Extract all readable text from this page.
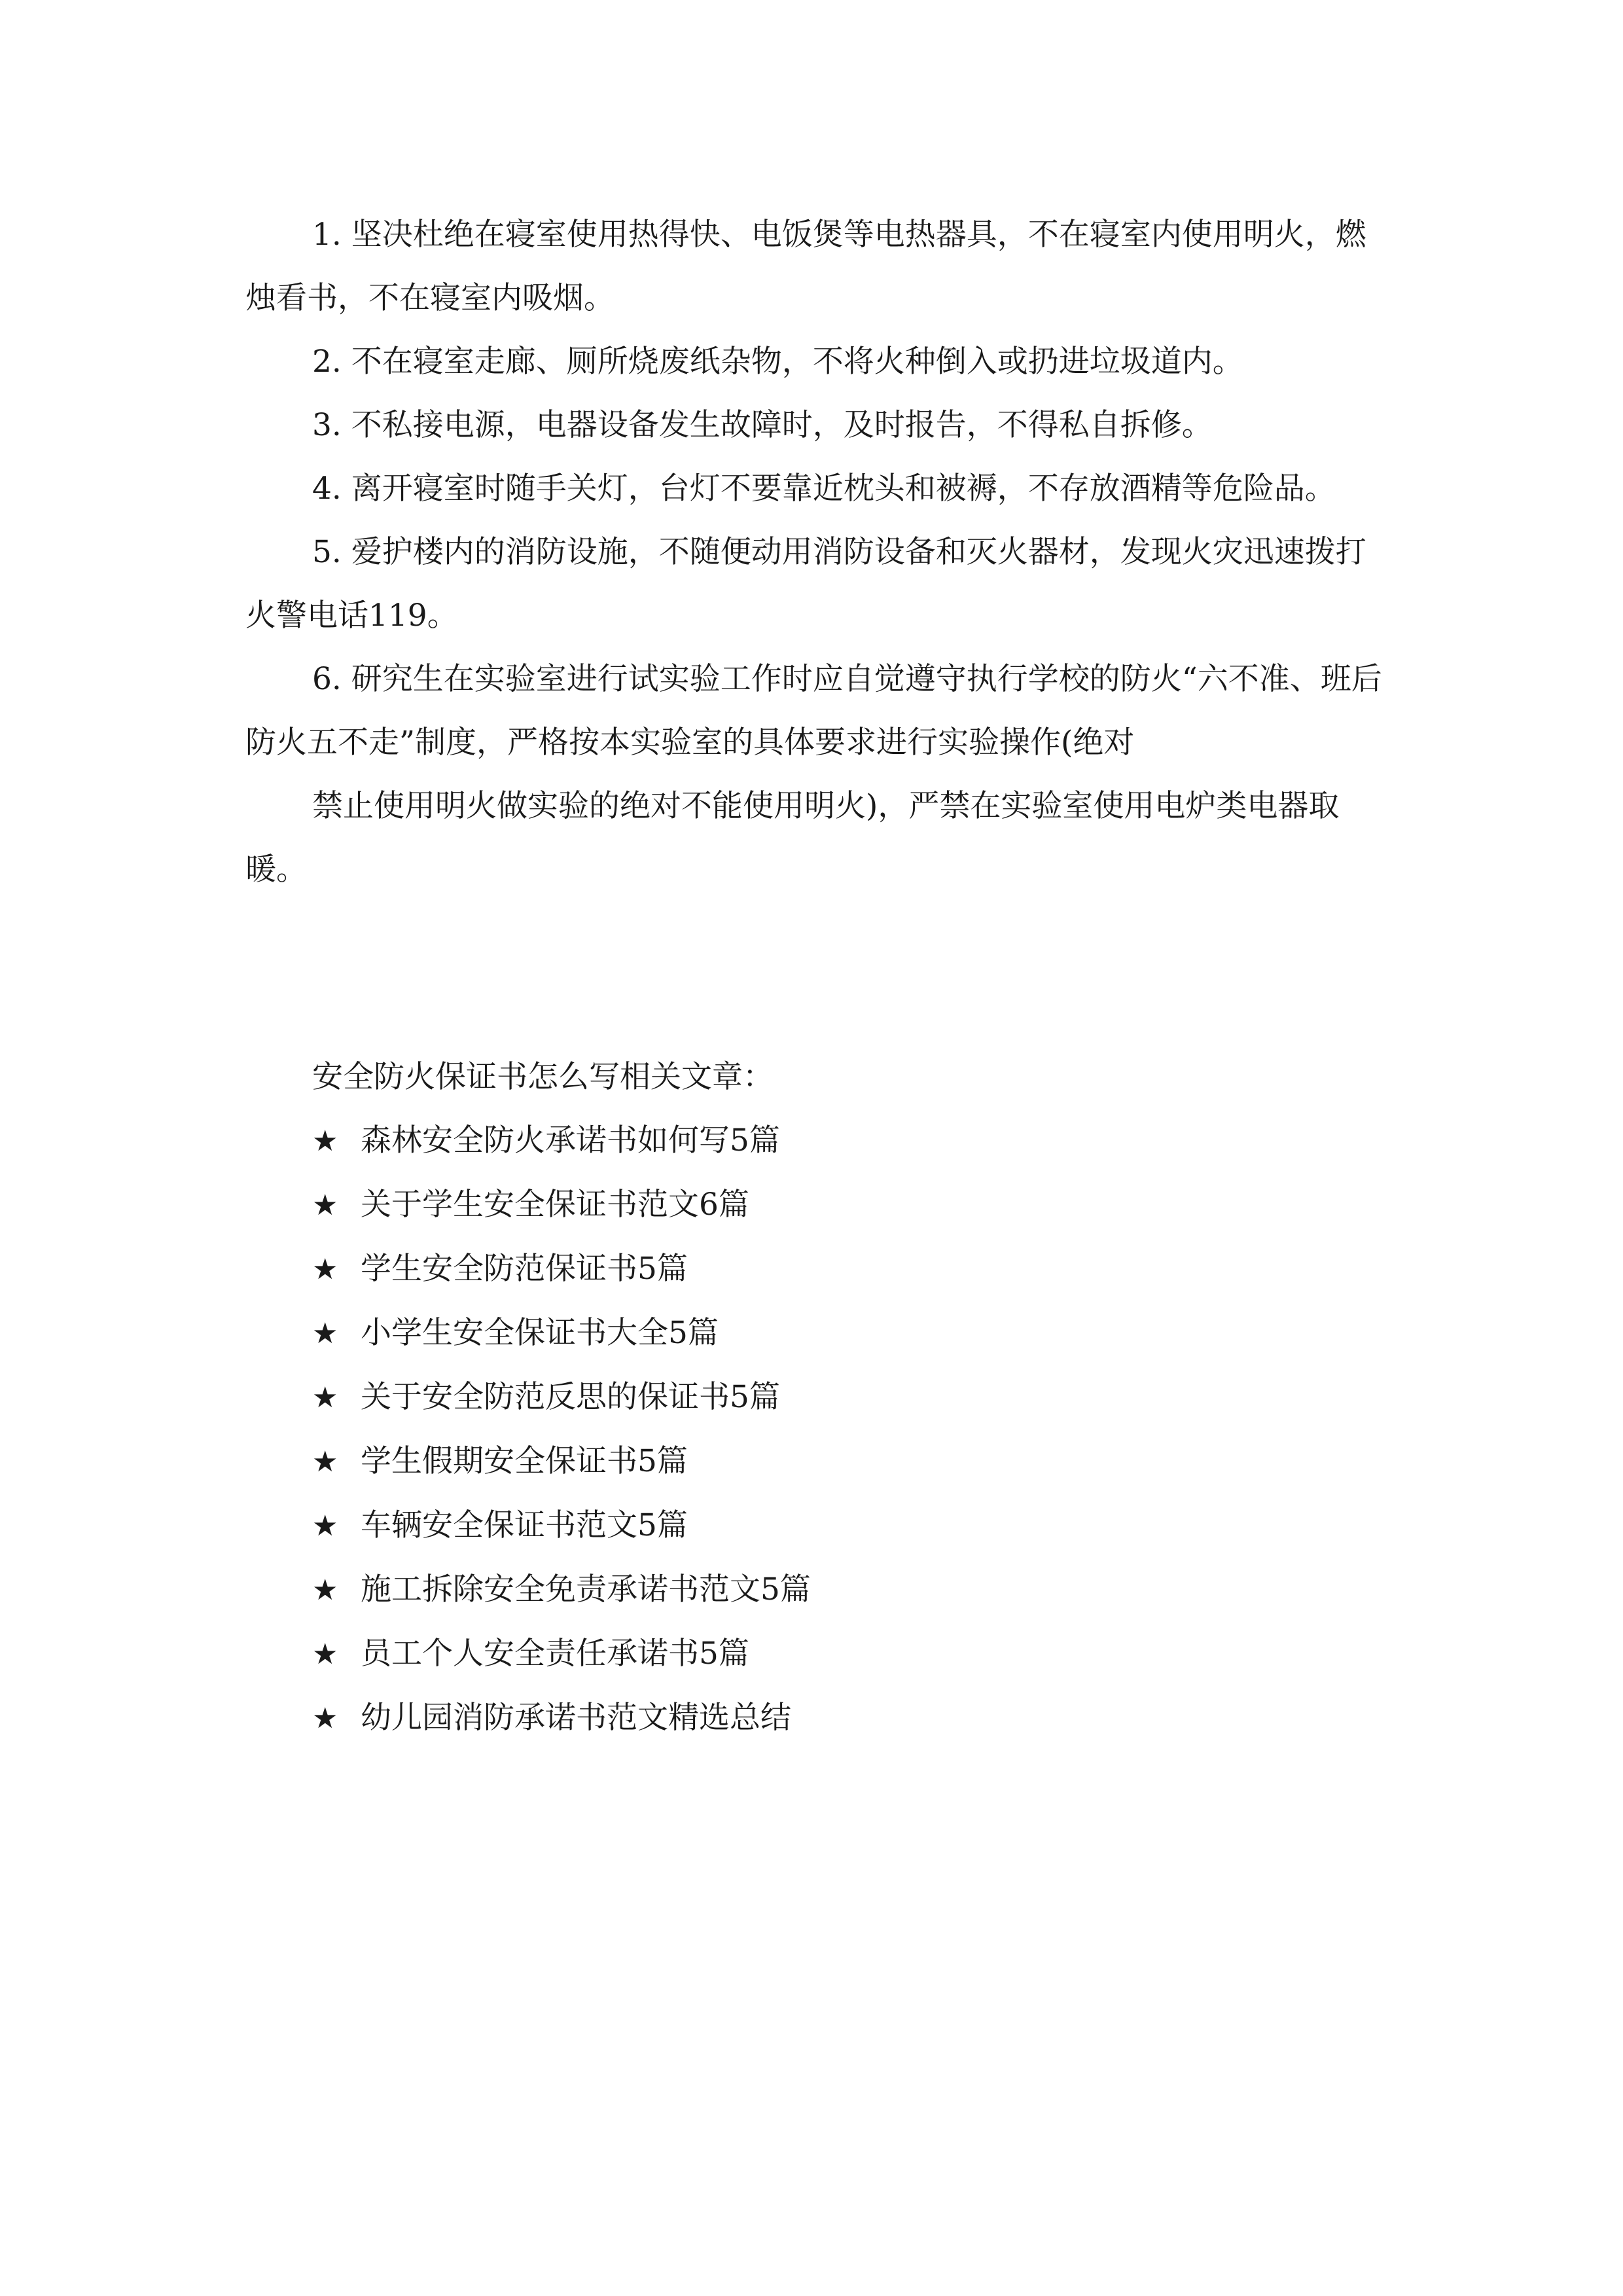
1. 坚决杜绝在寝室使用热得快、电饭煲等电热器具，不在寝室内使用明火，燃烛看书，不在寝室内吸烟。

2. 不在寝室走廊、厕所烧废纸杂物，不将火种倒入或扔进垃圾道内。

3. 不私接电源，电器设备发生故障时，及时报告，不得私自拆修。

4. 离开寝室时随手关灯，台灯不要靠近枕头和被褥，不存放酒精等危险品。

5. 爱护楼内的消防设施，不随便动用消防设备和灭火器材，发现火灾迅速拨打火警电话119。

6. 研究生在实验室进行试实验工作时应自觉遵守执行学校的防火“六不准、班后防火五不走”制度，严格按本实验室的具体要求进行实验操作(绝对

禁止使用明火做实验的绝对不能使用明火)，严禁在实验室使用电炉类电器取暖。

安全防火保证书怎么写相关文章：

★ 森林安全防火承诺书如何写5篇
★ 关于学生安全保证书范文6篇
★ 学生安全防范保证书5篇
★ 小学生安全保证书大全5篇
★ 关于安全防范反思的保证书5篇
★ 学生假期安全保证书5篇
★ 车辆安全保证书范文5篇
★ 施工拆除安全免责承诺书范文5篇
★ 员工个人安全责任承诺书5篇
★ 幼儿园消防承诺书范文精选总结
